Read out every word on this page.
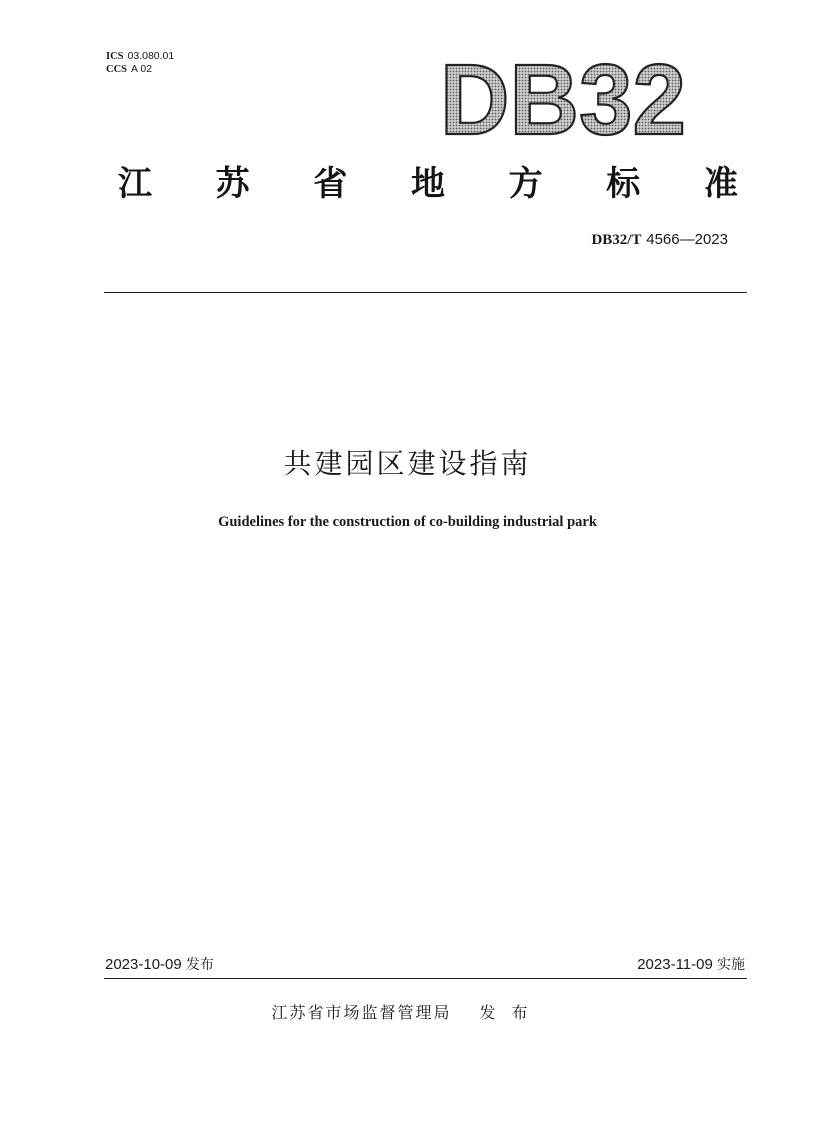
ICS 03.080.01
CCS A 02	DB32
江 苏 省 地 方 标 准
DB32/T 4566—2023
共建园区建设指南
Guidelines for the construction of co-building industrial park
2023-10-09 发布	2023-11-09 实施
江苏省市场监督管理局 发布
